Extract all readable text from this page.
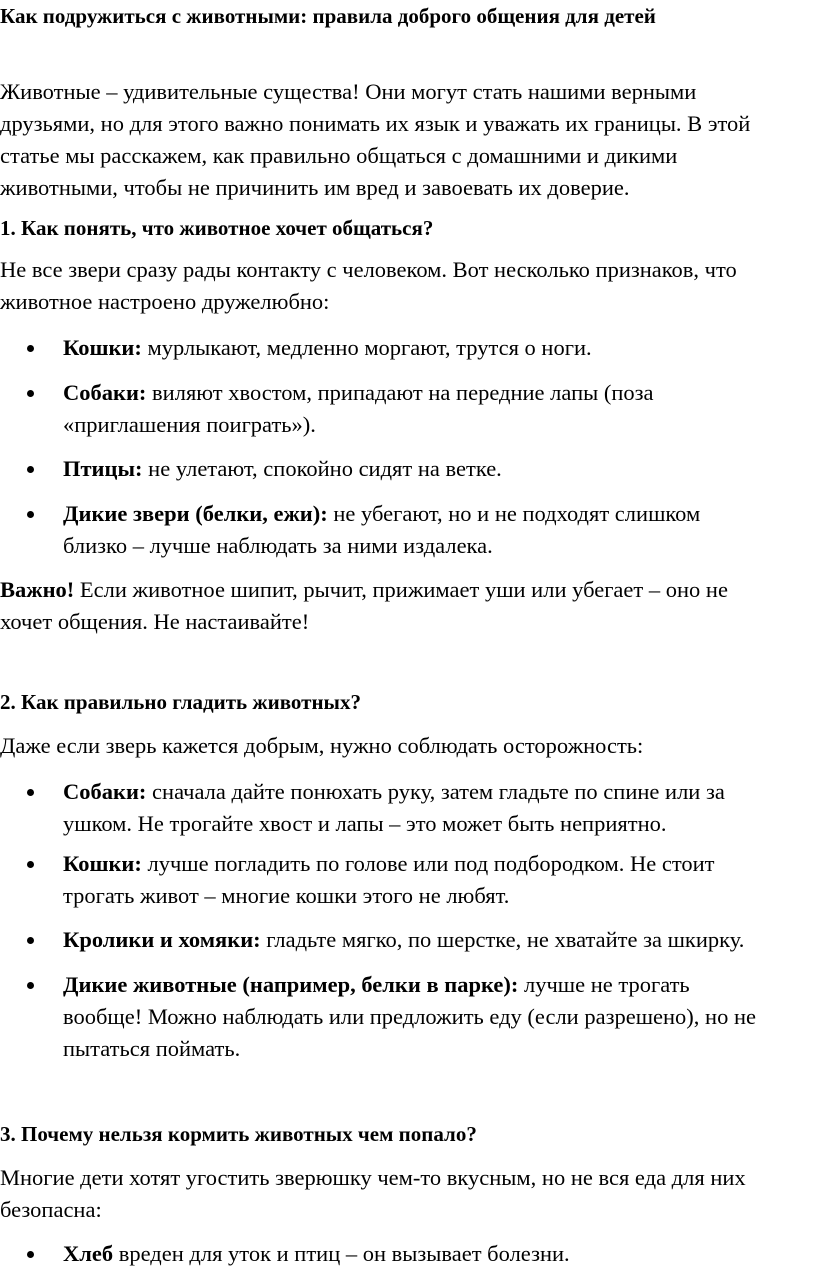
Как подружиться с животными: правила доброго общения для детей
Животные – удивительные существа! Они могут стать нашими верными
друзьями, но для этого важно понимать их язык и уважать их границы. В этой
статье мы расскажем, как правильно общаться с домашними и дикими
животными, чтобы не причинить им вред и завоевать их доверие.
1. Как понять, что животное хочет общаться?
Не все звери сразу рады контакту с человеком. Вот несколько признаков, что
животное настроено дружелюбно:
Кошки: мурлыкают, медленно моргают, трутся о ноги.
Собаки: виляют хвостом, припадают на передние лапы (поза
«приглашения поиграть»).
Птицы: не улетают, спокойно сидят на ветке.
Дикие звери (белки, ежи): не убегают, но и не подходят слишком
близко – лучше наблюдать за ними издалека.
Важно! Если животное шипит, рычит, прижимает уши или убегает – оно не
хочет общения. Не настаивайте!
2. Как правильно гладить животных?
Даже если зверь кажется добрым, нужно соблюдать осторожность:
Собаки: сначала дайте понюхать руку, затем гладьте по спине или за
ушком. Не трогайте хвост и лапы – это может быть неприятно.
Кошки: лучше погладить по голове или под подбородком. Не стоит
трогать живот – многие кошки этого не любят.
Кролики и хомяки: гладьте мягко, по шерстке, не хватайте за шкирку.
Дикие животные (например, белки в парке): лучше не трогать
вообще! Можно наблюдать или предложить еду (если разрешено), но не
пытаться поймать.
3. Почему нельзя кормить животных чем попало?
Многие дети хотят угостить зверюшку чем-то вкусным, но не вся еда для них
безопасна:
Хлеб вреден для уток и птиц – он вызывает болезни.
